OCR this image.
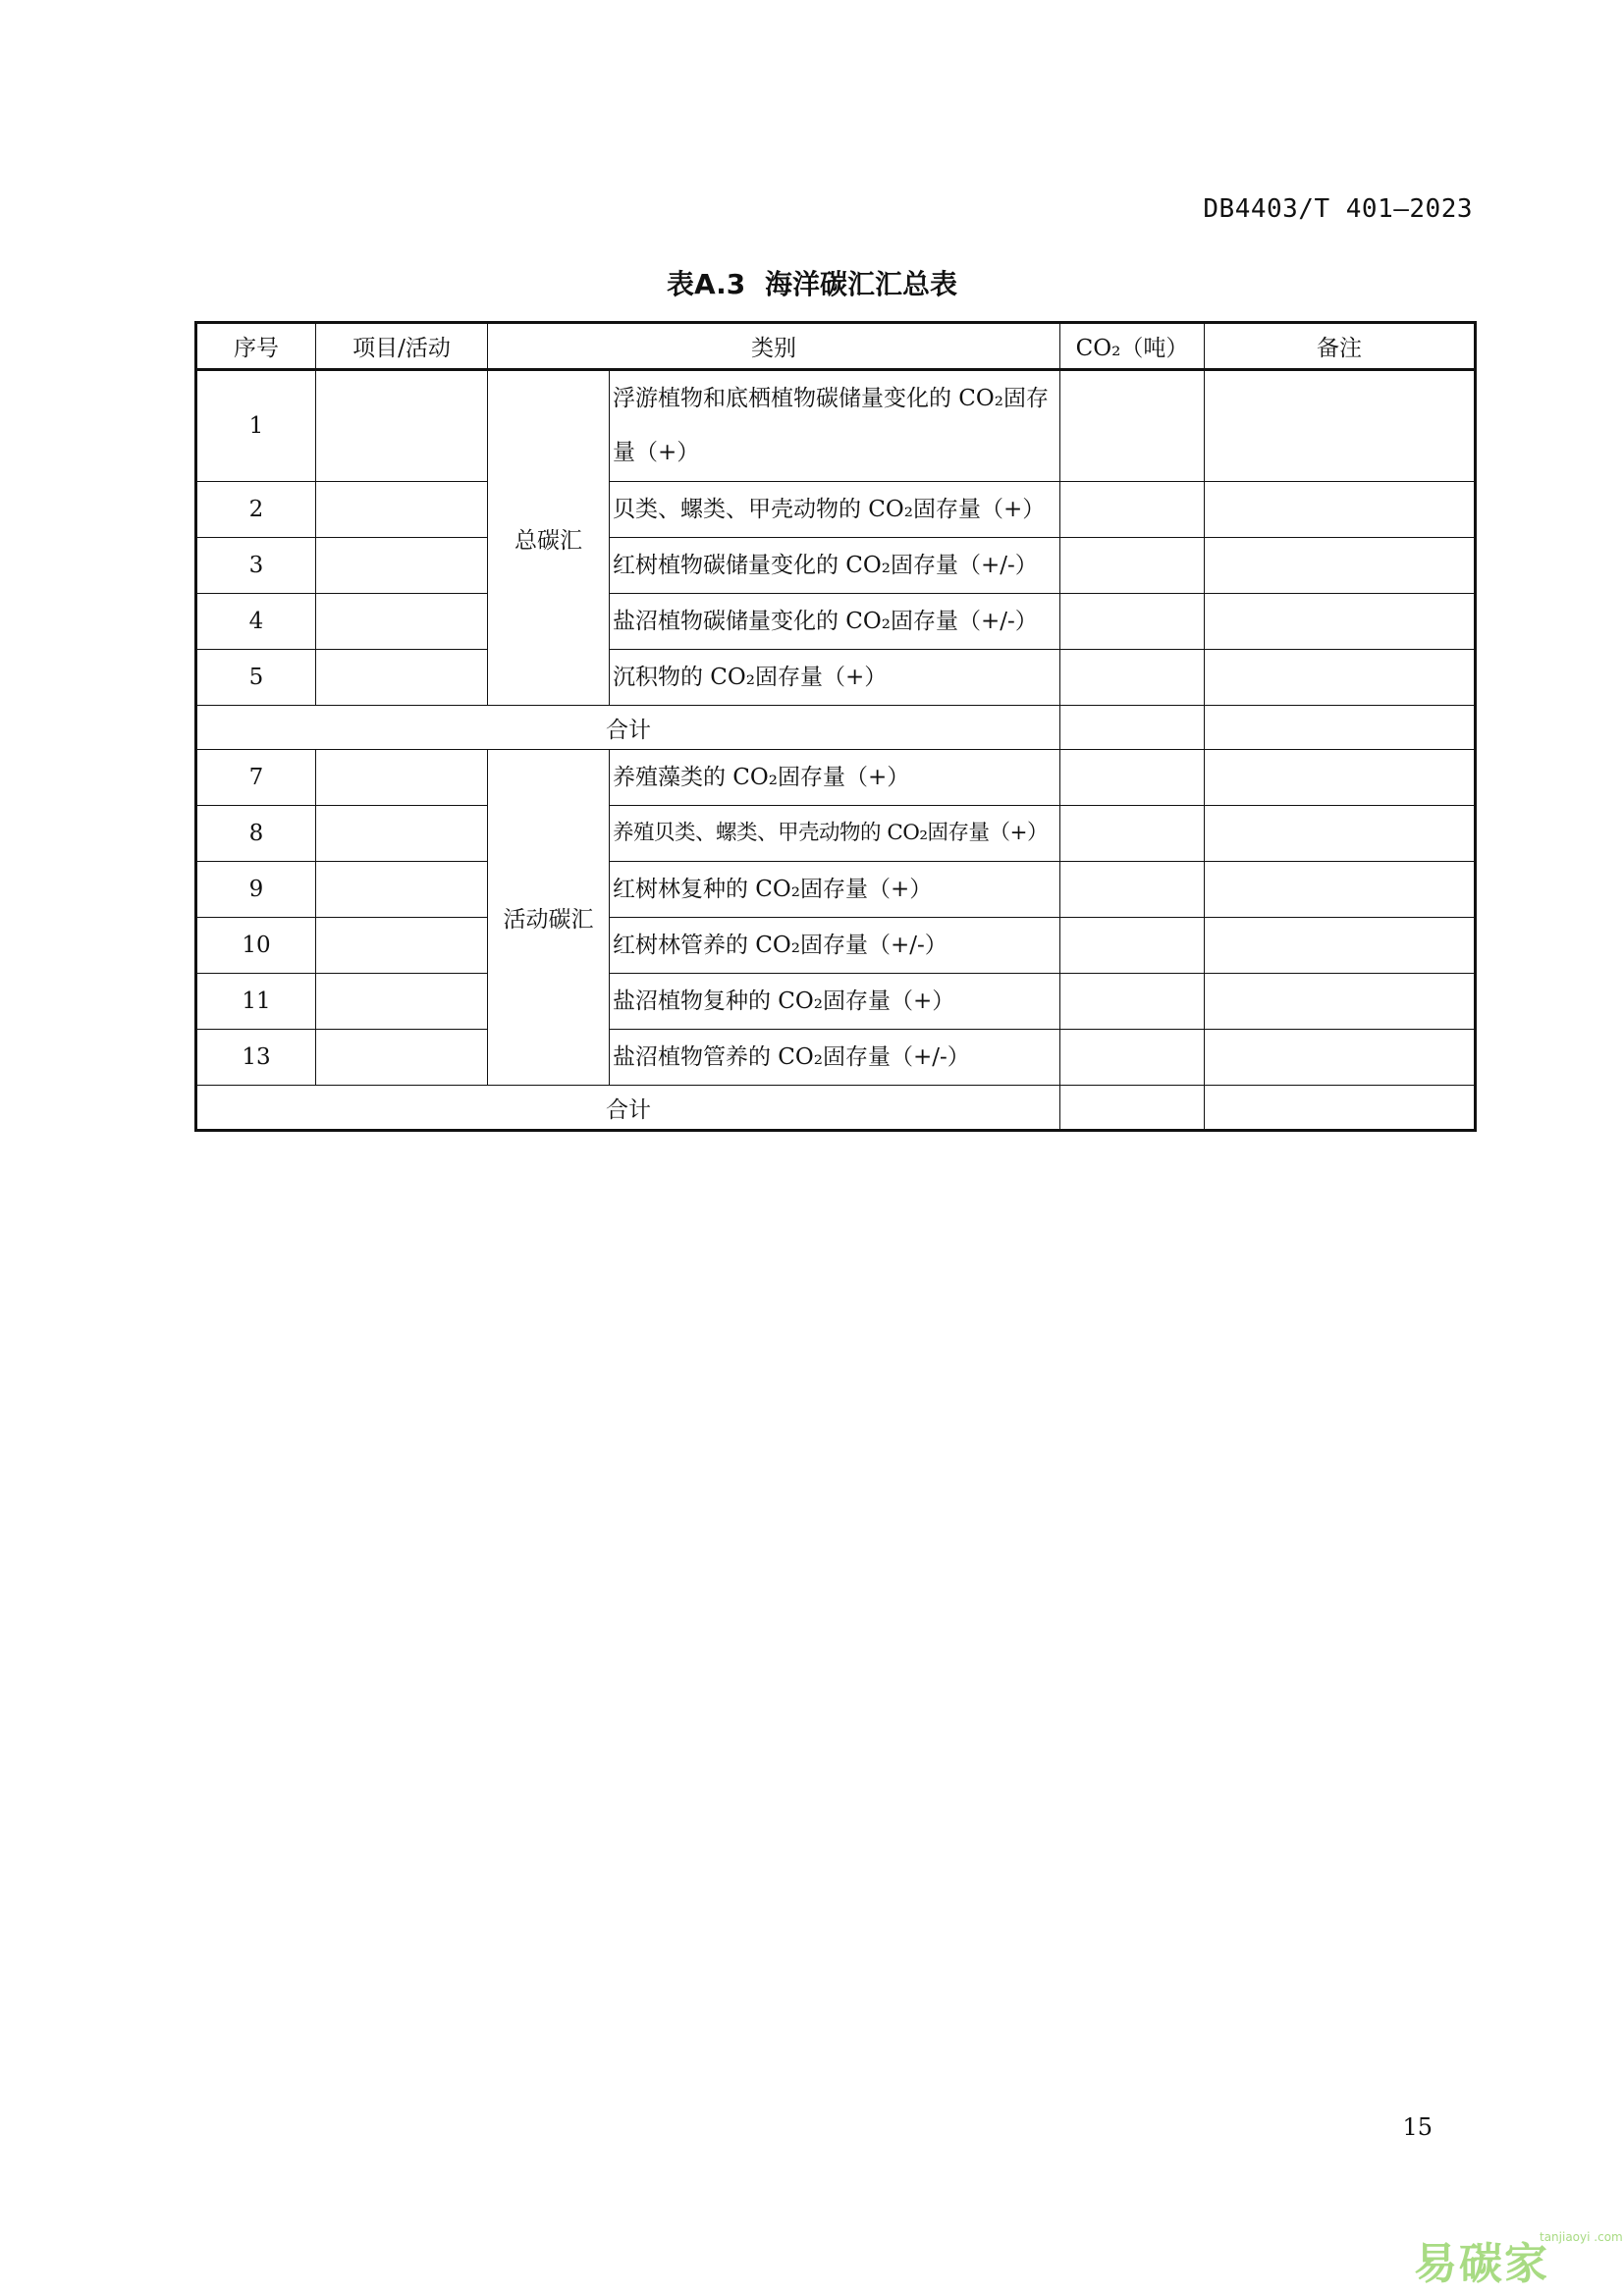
DB4403/T 401—2023
表A.3 海洋碳汇汇总表
序号	项目/活动	类别		CO₂（吨）	备注
1		总碳汇	浮游植物和底栖植物碳储量变化的 CO₂固存量（+）		
2			贝类、螺类、甲壳动物的 CO₂固存量（+）		
3			红树植物碳储量变化的 CO₂固存量（+/-）		
4			盐沼植物碳储量变化的 CO₂固存量（+/-）		
5			沉积物的 CO₂固存量（+）		
合计					
7		活动碳汇	养殖藻类的 CO₂固存量（+）		
8			养殖贝类、螺类、甲壳动物的 CO₂固存量（+）		
9			红树林复种的 CO₂固存量（+）		
10			红树林管养的 CO₂固存量（+/-）		
11			盐沼植物复种的 CO₂固存量（+）		
13			盐沼植物管养的 CO₂固存量（+/-）		
合计					
15
易碳家
tanjiaoyi .com
